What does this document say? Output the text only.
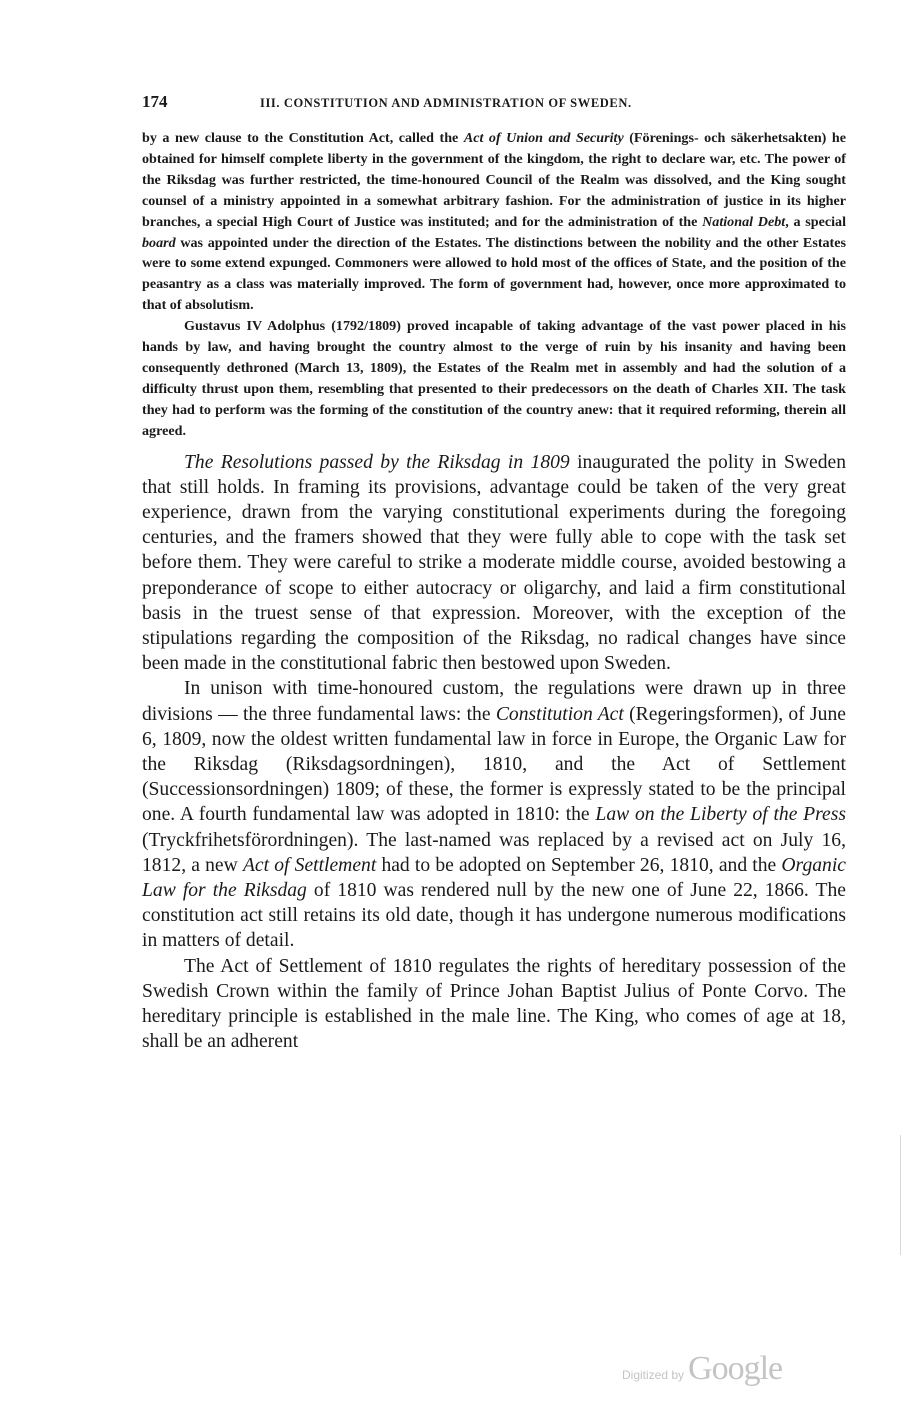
174	III. CONSTITUTION AND ADMINISTRATION OF SWEDEN.

by a new clause to the Constitution Act, called the Act of Union and Security (Förenings- och säkerhetsakten) he obtained for himself complete liberty in the government of the kingdom, the right to declare war, etc. The power of the Riksdag was further restricted, the time-honoured Council of the Realm was dissolved, and the King sought counsel of a ministry appointed in a somewhat arbitrary fashion. For the administration of justice in its higher branches, a special High Court of Justice was instituted; and for the administration of the National Debt, a special board was appointed under the direction of the Estates. The distinctions between the nobility and the other Estates were to some extend expunged. Commoners were allowed to hold most of the offices of State, and the position of the peasantry as a class was materially improved. The form of government had, however, once more approximated to that of absolutism.

Gustavus IV Adolphus (1792/1809) proved incapable of taking advantage of the vast power placed in his hands by law, and having brought the country almost to the verge of ruin by his insanity and having been consequently dethroned (March 13, 1809), the Estates of the Realm met in assembly and had the solution of a difficulty thrust upon them, resembling that presented to their predecessors on the death of Charles XII. The task they had to perform was the forming of the constitution of the country anew: that it required reforming, therein all agreed.

The Resolutions passed by the Riksdag in 1809 inaugurated the polity in Sweden that still holds. In framing its provisions, advantage could be taken of the very great experience, drawn from the varying constitutional experiments during the foregoing centuries, and the framers showed that they were fully able to cope with the task set before them. They were careful to strike a moderate middle course, avoided bestowing a preponderance of scope to either autocracy or oligarchy, and laid a firm constitutional basis in the truest sense of that expression. Moreover, with the exception of the stipulations regarding the composition of the Riksdag, no radical changes have since been made in the constitutional fabric then bestowed upon Sweden.

In unison with time-honoured custom, the regulations were drawn up in three divisions — the three fundamental laws: the Constitution Act (Regeringsformen), of June 6, 1809, now the oldest written fundamental law in force in Europe, the Organic Law for the Riksdag (Riksdagsordningen), 1810, and the Act of Settlement (Successionsordningen) 1809; of these, the former is expressly stated to be the principal one. A fourth fundamental law was adopted in 1810: the Law on the Liberty of the Press (Tryckfrihetsförordningen). The last-named was replaced by a revised act on July 16, 1812, a new Act of Settlement had to be adopted on September 26, 1810, and the Organic Law for the Riksdag of 1810 was rendered null by the new one of June 22, 1866. The constitution act still retains its old date, though it has undergone numerous modifications in matters of detail.

The Act of Settlement of 1810 regulates the rights of hereditary possession of the Swedish Crown within the family of Prince Johan Baptist Julius of Ponte Corvo. The hereditary principle is established in the male line. The King, who comes of age at 18, shall be an adherent

Digitized by Google
